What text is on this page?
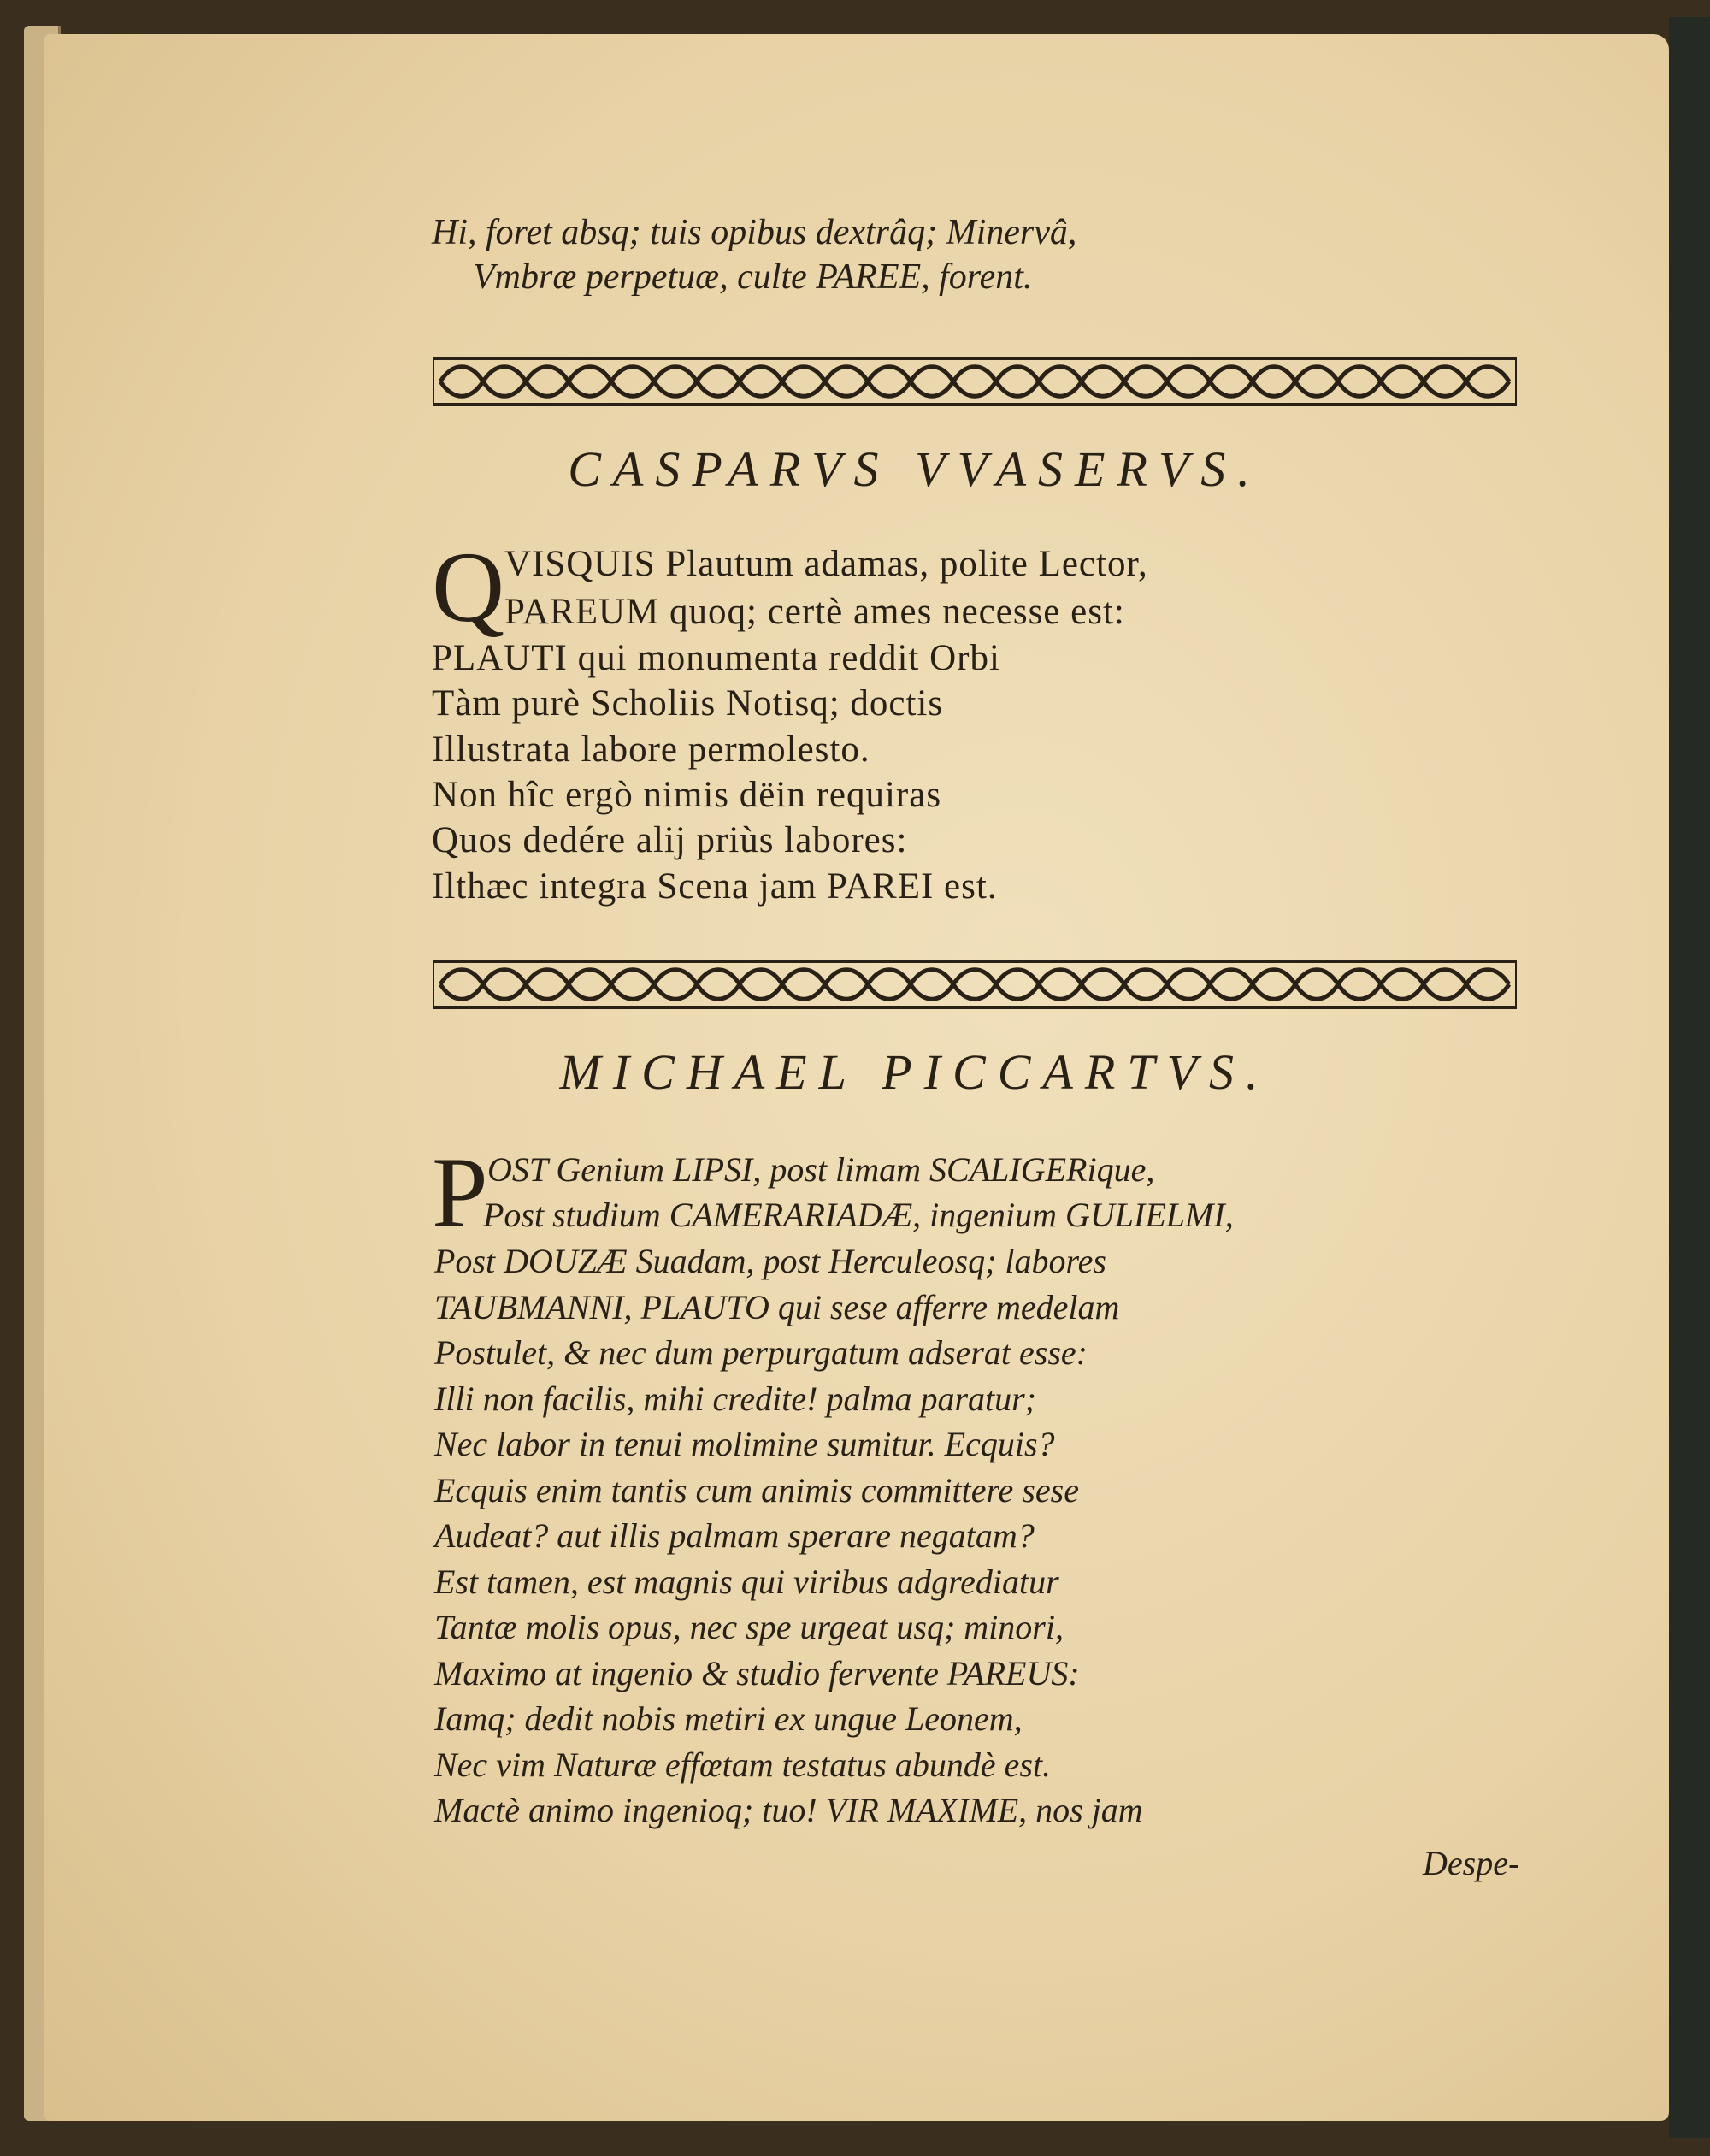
Hi, foret absq; tuis opibus dextrâq; Minervâ,
Vmbræ perpetuæ, culte PAREE, forent.
CASPARVS VVASERVS.
Q VISQUIS Plautum adamas, polite Lector,
PAREUM quoq; certè ames necesse est:
PLAUTI qui monumenta reddit Orbi
Tàm purè Scholiis Notisq; doctis
Illustrata labore permolesto.
Non hîc ergò nimis dëin requiras
Quos dedére alij priùs labores:
Ilthæc integra Scena jam PAREI est.
MICHAEL PICCARTVS.
P OST Genium LIPSI, post limam SCALIGERique,
Post studium CAMERARIADÆ, ingenium GULIELMI,
Post DOUZÆ Suadam, post Herculeosq; labores
TAUBMANNI, PLAUTO qui sese afferre medelam
Postulet, & nec dum perpurgatum adserat esse:
Illi non facilis, mihi credite! palma paratur;
Nec labor in tenui molimine sumitur. Ecquis?
Ecquis enim tantis cum animis committere sese
Audeat? aut illis palmam sperare negatam?
Est tamen, est magnis qui viribus adgrediatur
Tantæ molis opus, nec spe urgeat usq; minori,
Maximo at ingenio & studio fervente PAREUS:
Iamq; dedit nobis metiri ex ungue Leonem,
Nec vim Naturæ effœtam testatus abundè est.
Mactè animo ingenioq; tuo! VIR MAXIME, nos jam
Despe-
